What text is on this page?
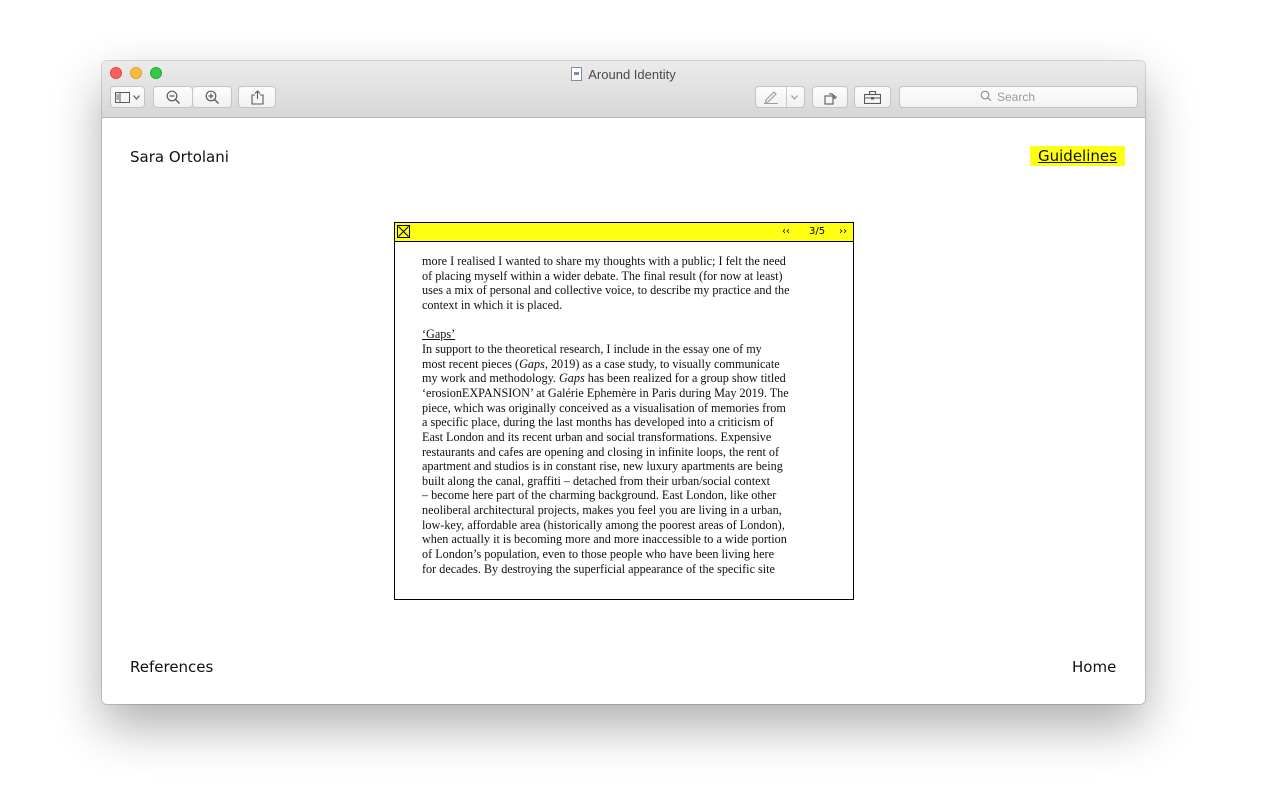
Around Identity
Search
Sara Ortolani	Guidelines
‹‹ 3/5 ››

more I realised I wanted to share my thoughts with a public; I felt the need

of placing myself within a wider debate. The final result (for now at least)

uses a mix of personal and collective voice, to describe my practice and the

context in which it is placed.

‘Gaps’

In support to the theoretical research, I include in the essay one of my

most recent pieces (Gaps, 2019) as a case study, to visually communicate

my work and methodology. Gaps has been realized for a group show titled

‘erosionEXPANSION’ at Galérie Ephemère in Paris during May 2019. The

piece, which was originally conceived as a visualisation of memories from

a specific place, during the last months has developed into a criticism of

East London and its recent urban and social transformations. Expensive

restaurants and cafes are opening and closing in infinite loops, the rent of

apartment and studios is in constant rise, new luxury apartments are being

built along the canal, graffiti – detached from their urban/social context

– become here part of the charming background. East London, like other

neoliberal architectural projects, makes you feel you are living in a urban,

low-key, affordable area (historically among the poorest areas of London),

when actually it is becoming more and more inaccessible to a wide portion

of London’s population, even to those people who have been living here

for decades. By destroying the superficial appearance of the specific site

References	Home
